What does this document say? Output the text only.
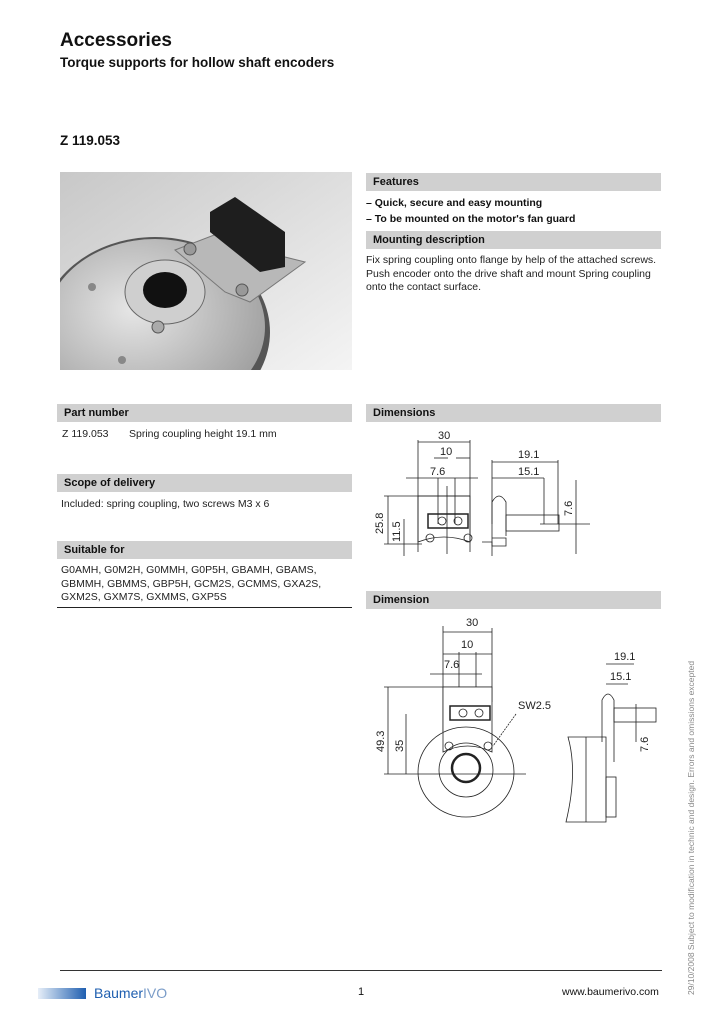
Accessories
Torque supports for hollow shaft encoders
Z 119.053
Features
– Quick, secure and easy mounting
– To be mounted on the motor's fan guard
Mounting description
Fix spring coupling onto flange by help of the attached screws. Push encoder onto the drive shaft and mount Spring coupling onto the contact surface.
Part number
Z 119.053	Spring coupling height 19.1 mm
Scope of delivery
Included: spring coupling, two screws M3 x 6
Suitable for
G0AMH, G0M2H, G0MMH, G0P5H, GBAMH, GBAMS,
GBMMH, GBMMS, GBP5H, GCM2S, GCMMS, GXA2S,
GXM2S, GXM7S, GXMMS, GXP5S
Dimensions
30
10
7.6
25.8 11.5
19.1
15.1
7.6
Dimension
30
10
7.6
49.3 35
SW2.5
19.1
15.1
7.6	29/10/2008 Subject to modification in technic and design. Errors and omissions excepted
Baumer IVO	1	www.baumerivo.com
